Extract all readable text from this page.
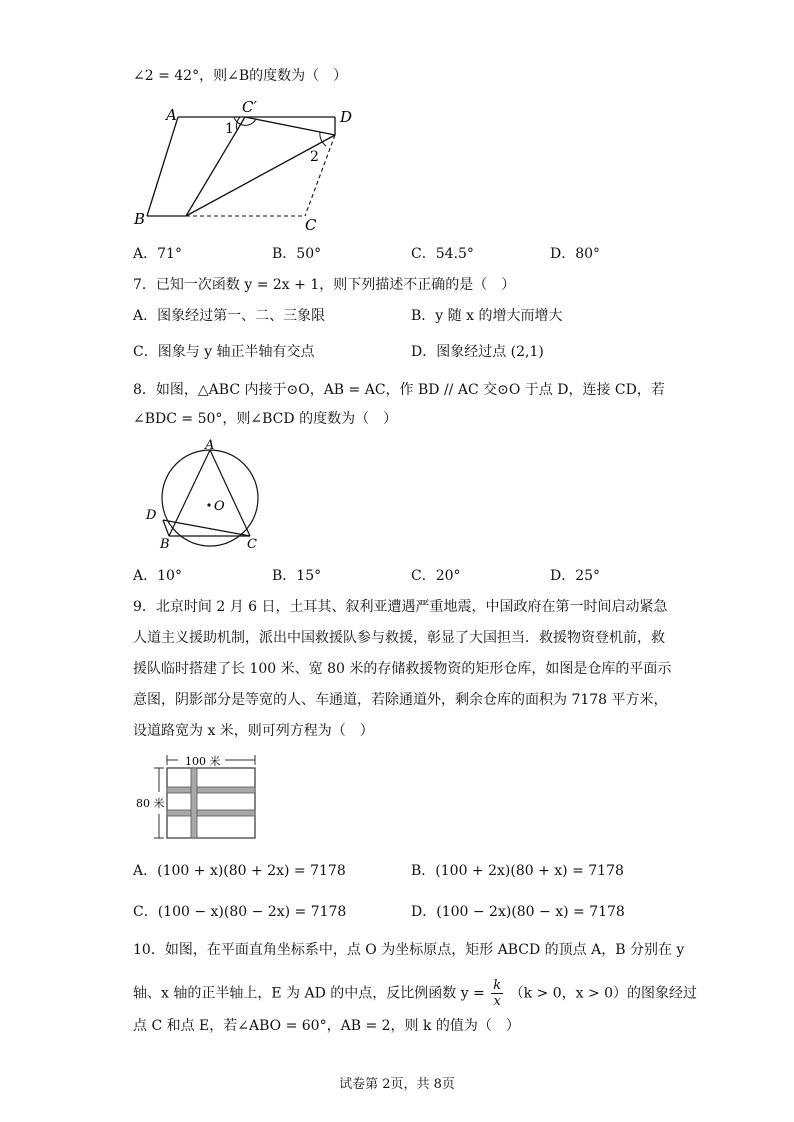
∠2 = 42°，则∠B的度数为（　）
A
B	C
C′
D
1
2
A．71°	B．50°	C．54.5°	D．80°
7．已知一次函数 y = 2x + 1，则下列描述不正确的是（　）
A．图象经过第一、二、三象限	B．y 随 x 的增大而增大
C．图象与 y 轴正半轴有交点	D．图象经过点 (2,1)
8．如图，△ABC 内接于⊙O，AB = AC，作 BD // AC 交⊙O 于点 D，连接 CD，若
∠BDC = 50°，则∠BCD 的度数为（　）
A
B	C
D
O
A．10°	B．15°	C．20°	D．25°
9．北京时间 2 月 6 日，土耳其、叙利亚遭遇严重地震，中国政府在第一时间启动紧急
人道主义援助机制，派出中国救援队参与救援，彰显了大国担当．救援物资登机前，救
援队临时搭建了长 100 米、宽 80 米的存储救援物资的矩形仓库，如图是仓库的平面示
意图，阴影部分是等宽的人、车通道，若除通道外，剩余仓库的面积为 7178 平方米，
设道路宽为 x 米，则可列方程为（　）
100 米
80 米
A．(100 + x)(80 + 2x) = 7178	B．(100 + 2x)(80 + x) = 7178
C．(100 − x)(80 − 2x) = 7178	D．(100 − 2x)(80 − x) = 7178
10．如图，在平面直角坐标系中，点 O 为坐标原点，矩形 ABCD 的顶点 A，B 分别在 y
轴、x 轴的正半轴上，E 为 AD 的中点，反比例函数 $y = \frac{k}{x} (k > 0$，x > 0）的图象经过
点 C 和点 E，若∠ABO = 60°，AB = 2，则 k 的值为（　）
试卷第 2页，共 8页
